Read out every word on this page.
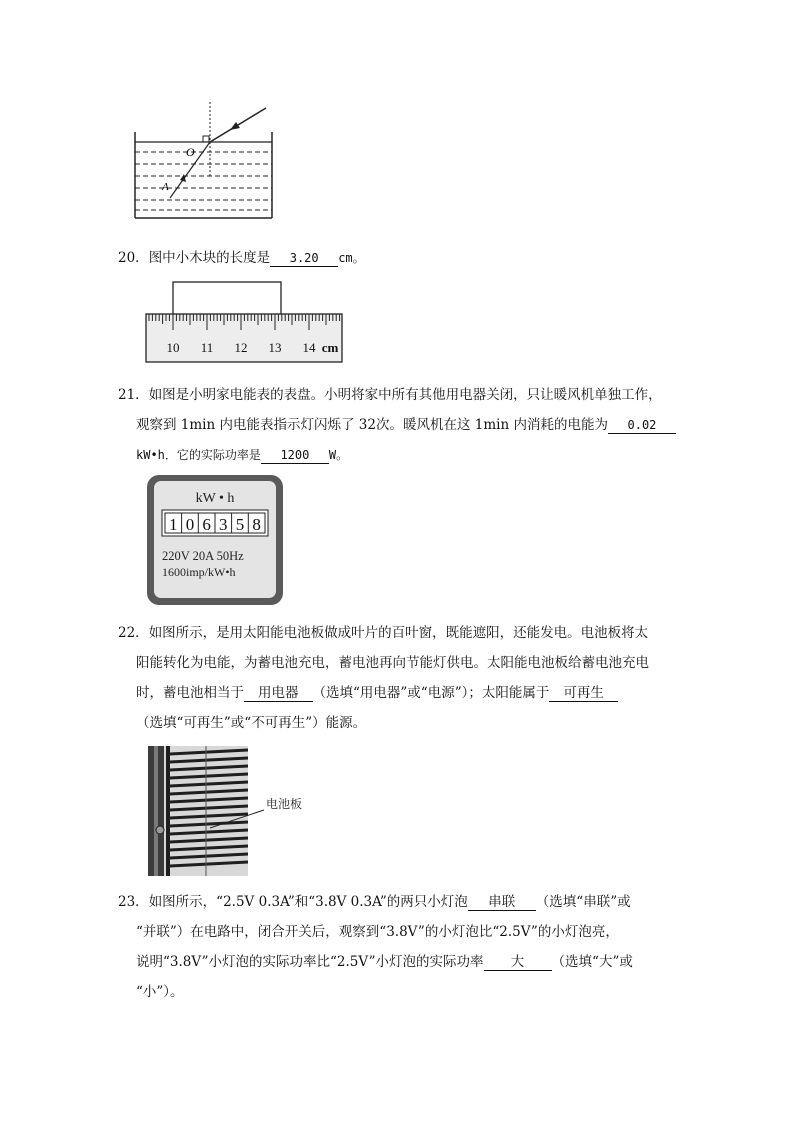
O
A
20．图中小木块的长度是 3.20 cm。
10 11 12 13 14 cm
21．如图是小明家电能表的表盘。小明将家中所有其他用电器关闭，只让暖风机单独工作，
观察到 1min 内电能表指示灯闪烁了 32次。暖风机在这 1min 内消耗的电能为 0.02
kW•h．它的实际功率是 1200 W。
kW • h
1 0 6 3 5 8
220V 20A 50Hz
1600imp/kW•h
22．如图所示，是用太阳能电池板做成叶片的百叶窗，既能遮阳，还能发电。电池板将太
阳能转化为电能，为蓄电池充电，蓄电池再向节能灯供电。太阳能电池板给蓄电池充电
时，蓄电池相当于 用电器 （选填“用电器”或“电源”）；太阳能属于 可再生
（选填“可再生”或“不可再生”）能源。
电池板
23．如图所示，“2.5V 0.3A”和“3.8V 0.3A”的两只小灯泡 串联 （选填“串联”或
“并联”）在电路中，闭合开关后，观察到“3.8V”的小灯泡比“2.5V”的小灯泡亮，
说明“3.8V”小灯泡的实际功率比“2.5V”小灯泡的实际功率 大 （选填“大”或
“小”）。
